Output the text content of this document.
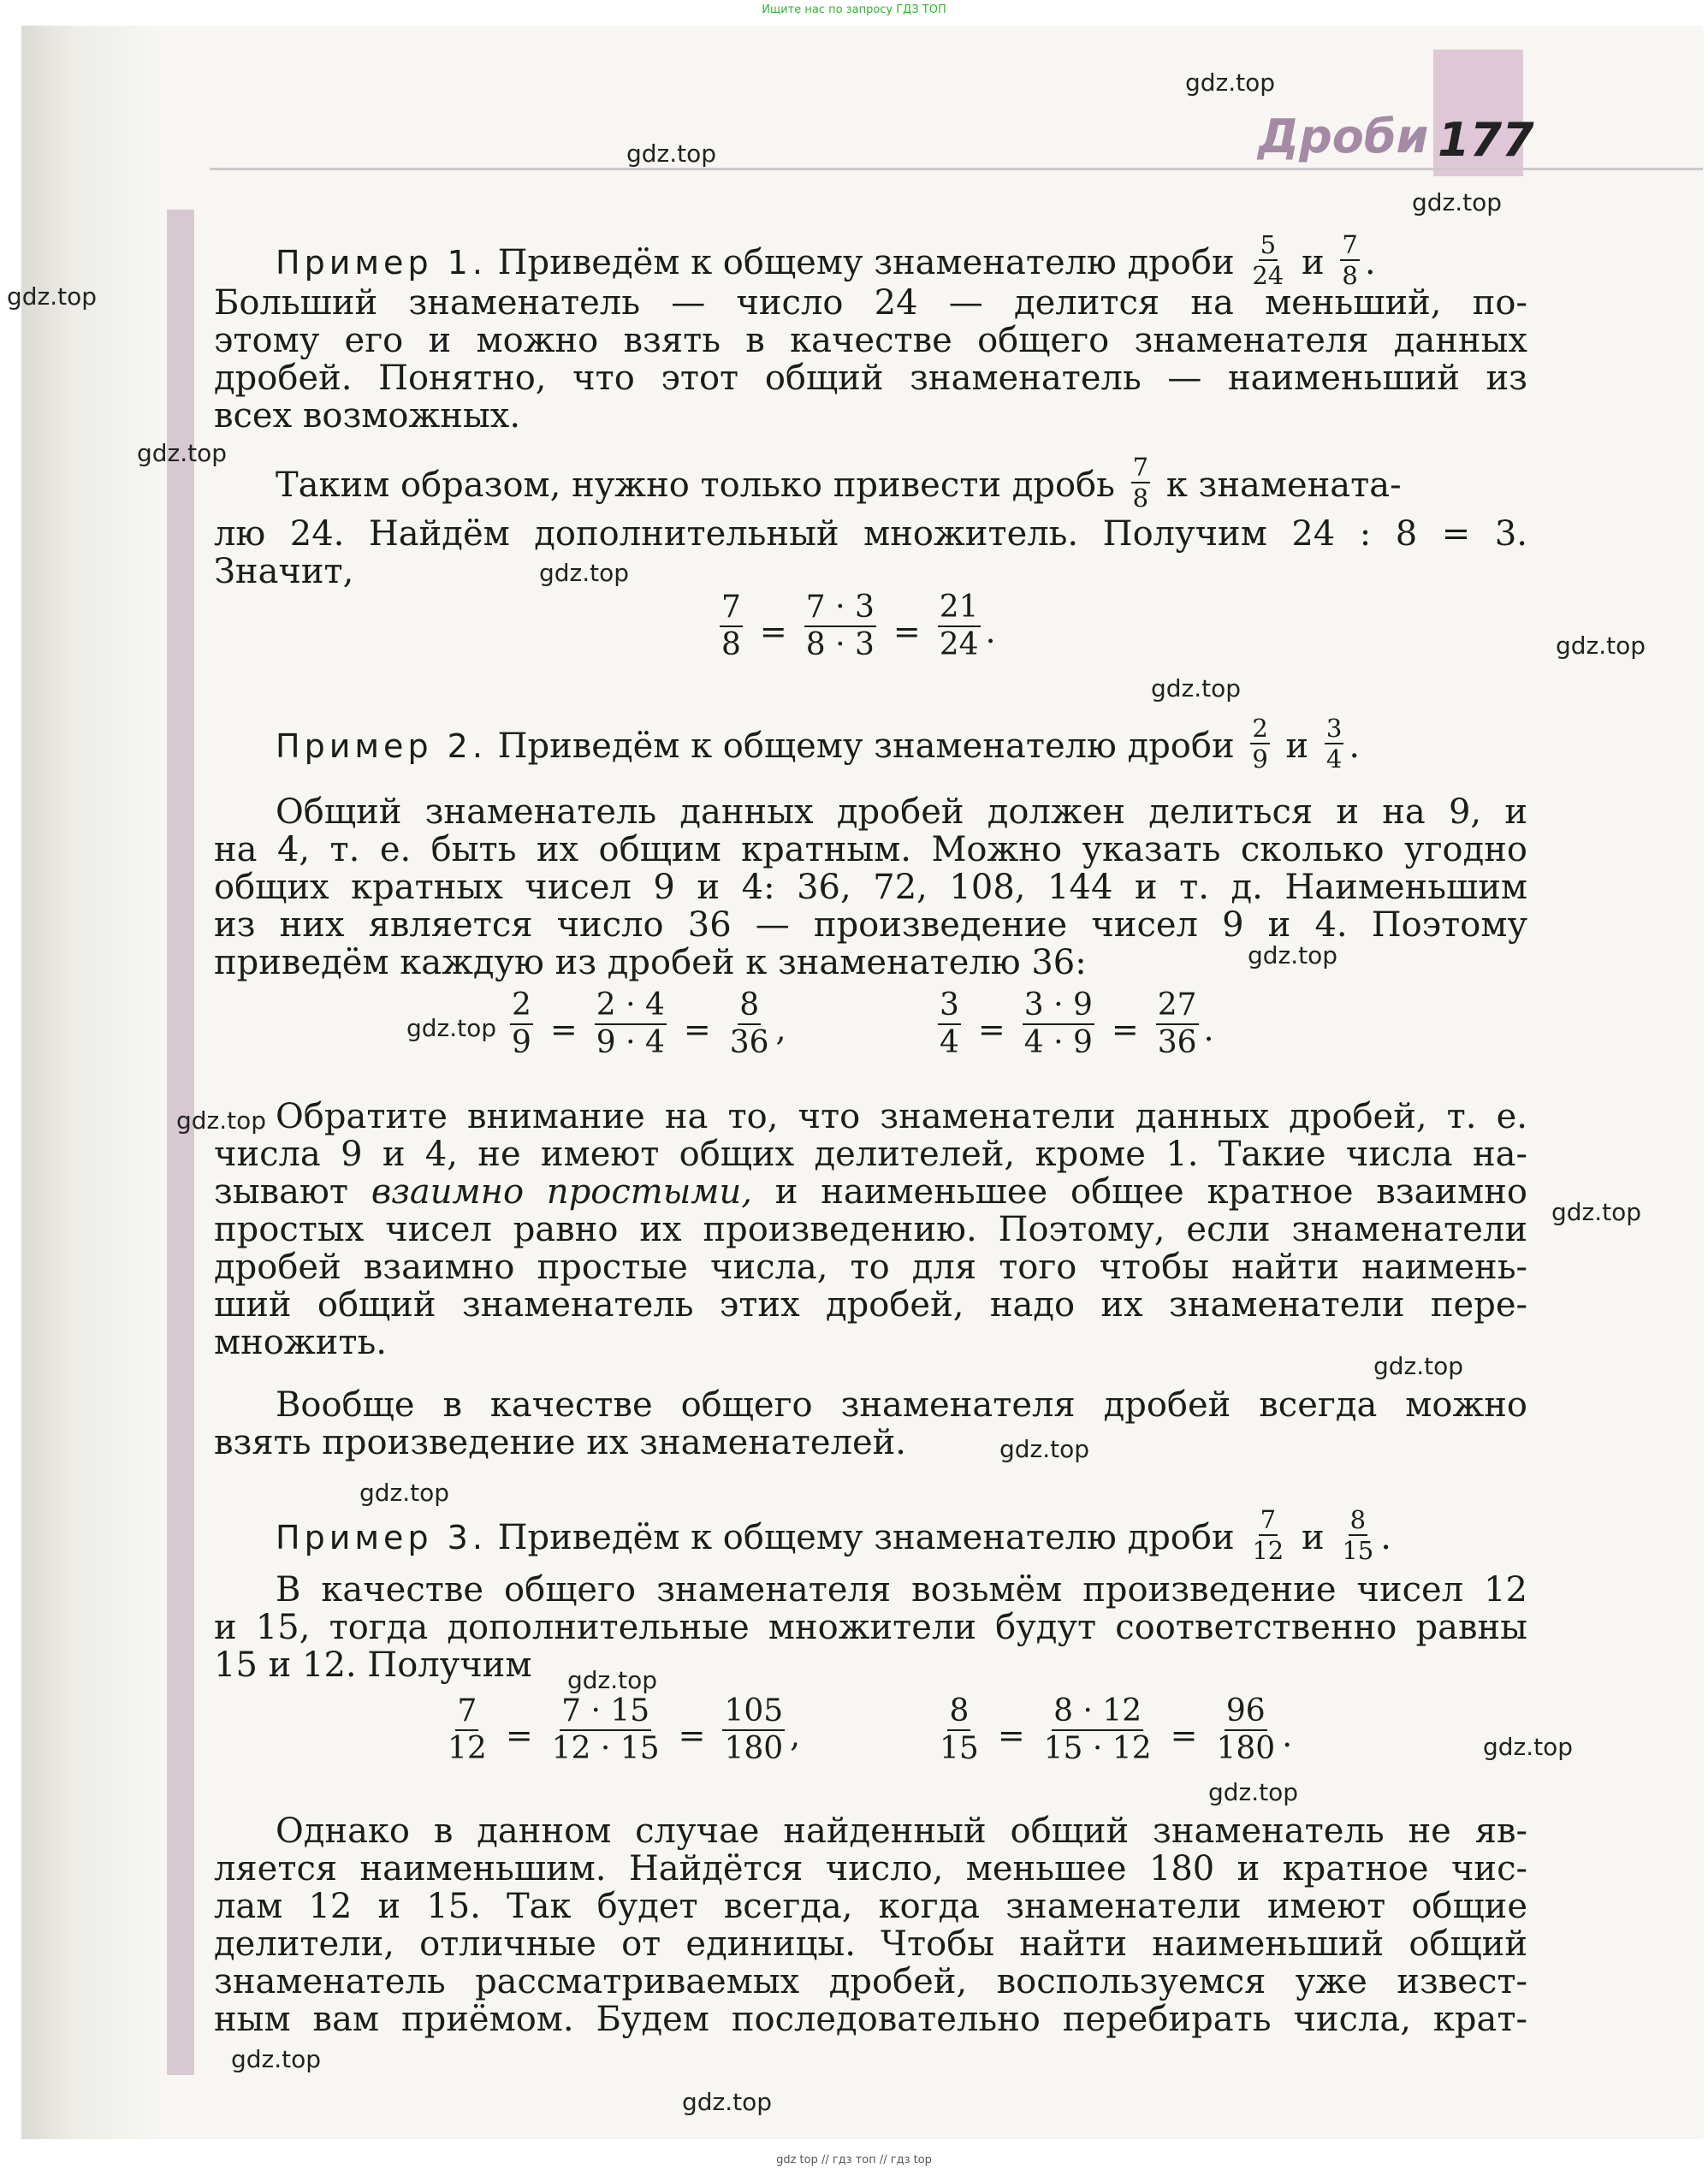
Ищите нас по запросу ГДЗ ТОП
Дроби 177
gdz.top
gdz.top
gdz.top
gdz.top
gdz.top
gdz.top
gdz.top
gdz.top
gdz.top
gdz.top
gdz.top
gdz.top
gdz.top
gdz.top
gdz.top
gdz.top
gdz.top
gdz.top
gdz.top
gdz.top
Пример 1. Приведём к общему знаменателю дроби $\frac{5}{24}$ и $\frac{7}{8}$ .
Больший знаменатель — число 24 — делится на меньший, по-
этому его и можно взять в качестве общего знаменателя данных
дробей. Понятно, что этот общий знаменатель — наименьший из
всех возможных.
Таким образом, нужно только привести дробь $\frac{7}{8}$ к знамената-
лю 24. Найдём дополнительный множитель. Получим 24 : 8 = 3.
Значит,
$\frac{7}{8} = \frac{7 \cdot 3}{8 \cdot 3} = \frac{21}{24}$ .
Пример 2. Приведём к общему знаменателю дроби $\frac{2}{9}$ и $\frac{3}{4}$ .
Общий знаменатель данных дробей должен делиться и на 9, и
на 4, т. е. быть их общим кратным. Можно указать сколько угодно
общих кратных чисел 9 и 4: 36, 72, 108, 144 и т. д. Наименьшим
из них является число 36 — произведение чисел 9 и 4. Поэтому
приведём каждую из дробей к знаменателю 36:
$\frac{2}{9} = \frac{2 \cdot 4}{9 \cdot 4} = \frac{8}{36}$ ,	$\frac{3}{4} = \frac{3 \cdot 9}{4 \cdot 9} = \frac{27}{36}$ .
Обратите внимание на то, что знаменатели данных дробей, т. е.
числа 9 и 4, не имеют общих делителей, кроме 1. Такие числа на-
зывают взаимно простыми, и наименьшее общее кратное взаимно
простых чисел равно их произведению. Поэтому, если знаменатели
дробей взаимно простые числа, то для того чтобы найти наимень-
ший общий знаменатель этих дробей, надо их знаменатели пере-
множить.
Вообще в качестве общего знаменателя дробей всегда можно
взять произведение их знаменателей.
Пример 3. Приведём к общему знаменателю дроби $\frac{7}{12}$ и $\frac{8}{15}$ .
В качестве общего знаменателя возьмём произведение чисел 12
и 15, тогда дополнительные множители будут соответственно равны
15 и 12. Получим
$\frac{7}{12} = \frac{7 \cdot 15}{12 \cdot 15} = \frac{105}{180}$ ,	$\frac{8}{15} = \frac{8 \cdot 12}{15 \cdot 12} = \frac{96}{180}$ .
Однако в данном случае найденный общий знаменатель не яв-
ляется наименьшим. Найдётся число, меньшее 180 и кратное чис-
лам 12 и 15. Так будет всегда, когда знаменатели имеют общие
делители, отличные от единицы. Чтобы найти наименьший общий
знаменатель рассматриваемых дробей, воспользуемся уже извест-
ным вам приёмом. Будем последовательно перебирать числа, крат-
gdz top // гдз топ // гдз top
